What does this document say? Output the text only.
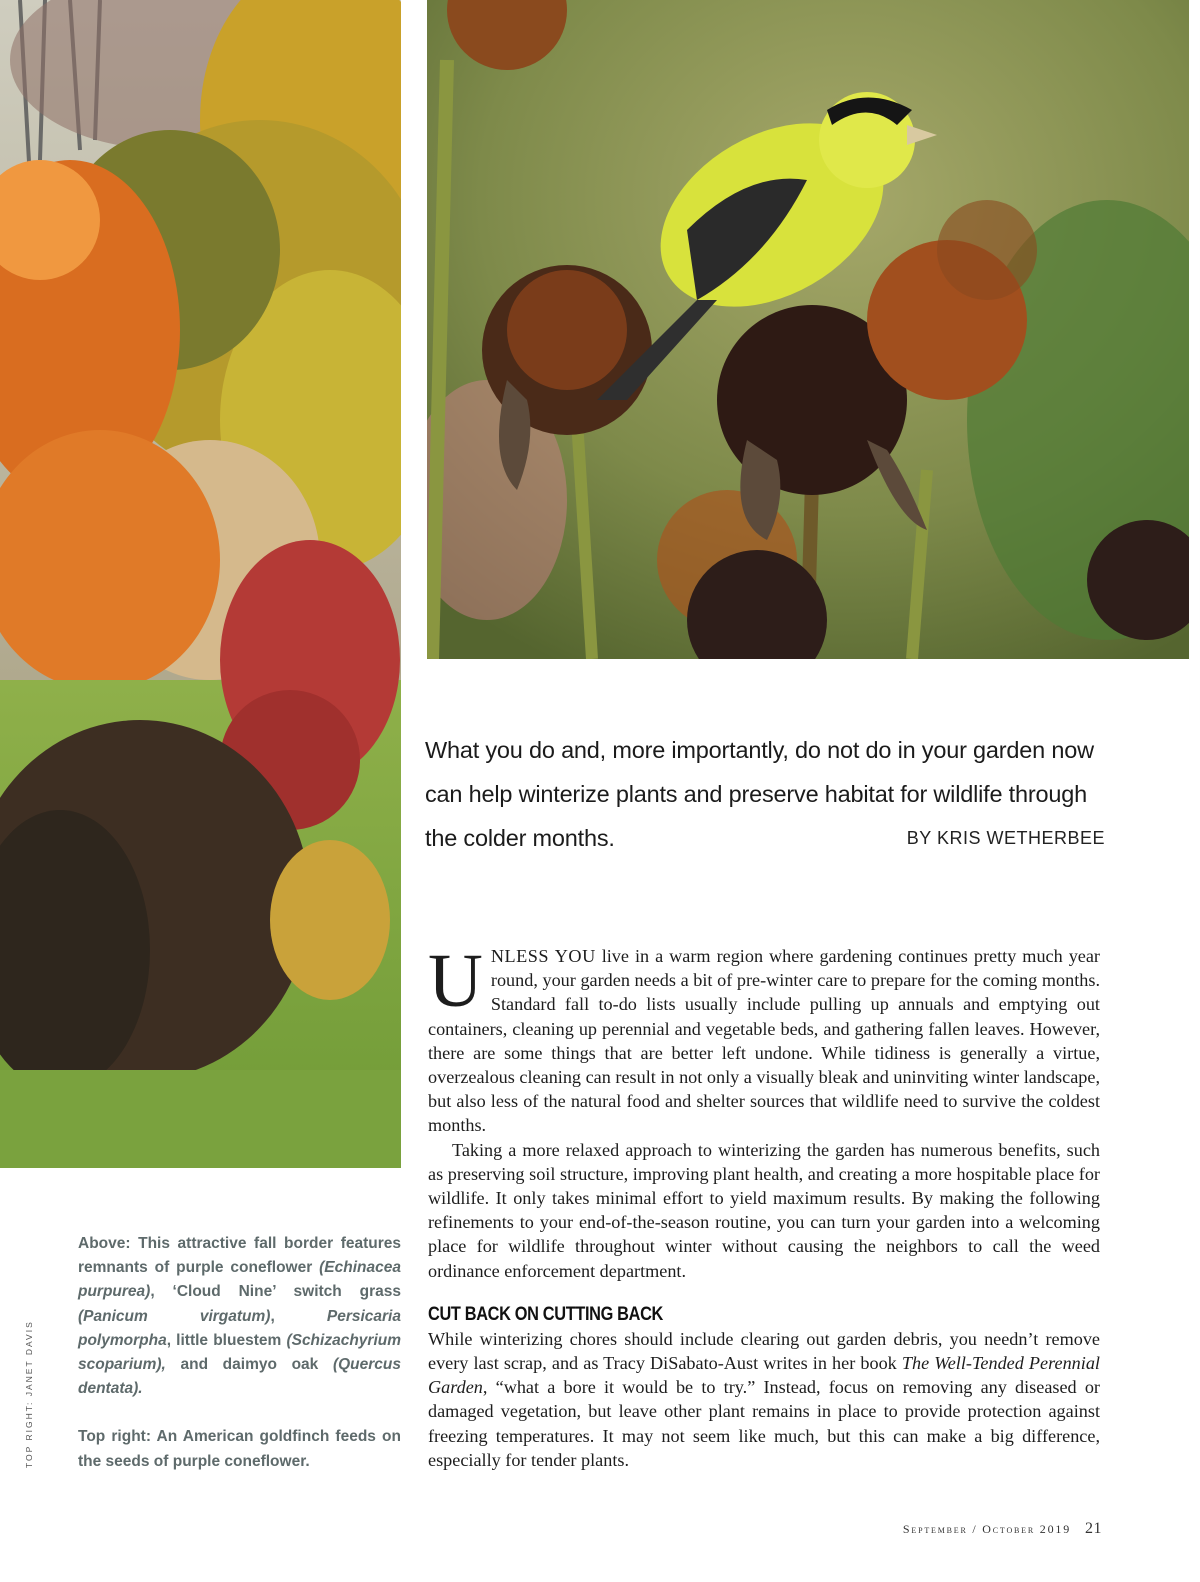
What you do and, more importantly, do not do in your garden now can help winterize plants and preserve habitat for wildlife through the colder months.	BY KRIS WETHERBEE

UNLESS YOU live in a warm region where gardening continues pretty much year round, your garden needs a bit of pre-winter care to prepare for the coming months. Standard fall to-do lists usually include pulling up annuals and emptying out containers, cleaning up perennial and vegetable beds, and gathering fallen leaves. However, there are some things that are better left undone. While tidiness is generally a virtue, overzealous cleaning can result in not only a visually bleak and uninviting winter landscape, but also less of the natural food and shelter sources that wildlife need to survive the coldest months.

Taking a more relaxed approach to winterizing the garden has numerous benefits, such as preserving soil structure, improving plant health, and creating a more hospitable place for wildlife. It only takes minimal effort to yield maximum results. By making the following refinements to your end-of-the-season routine, you can turn your garden into a welcoming place for wildlife throughout winter without causing the neighbors to call the weed ordinance enforcement department.

CUT BACK ON CUTTING BACK

While winterizing chores should include clearing out garden debris, you needn’t remove every last scrap, and as Tracy DiSabato-Aust writes in her book The Well-Tended Perennial Garden, “what a bore it would be to try.” Instead, focus on removing any diseased or damaged vegetation, but leave other plant remains in place to provide protection against freezing temperatures. It may not seem like much, but this can make a big difference, especially for tender plants.

Above: This attractive fall border features remnants of purple coneflower (Echinacea purpurea), ‘Cloud Nine’ switch grass (Panicum virgatum), Persicaria polymorpha, little bluestem (Schizachyrium scoparium), and daimyo oak (Quercus dentata).

Top right: An American goldfinch feeds on the seeds of purple coneflower.

TOP RIGHT: JANET DAVIS
September / October 2019 21
